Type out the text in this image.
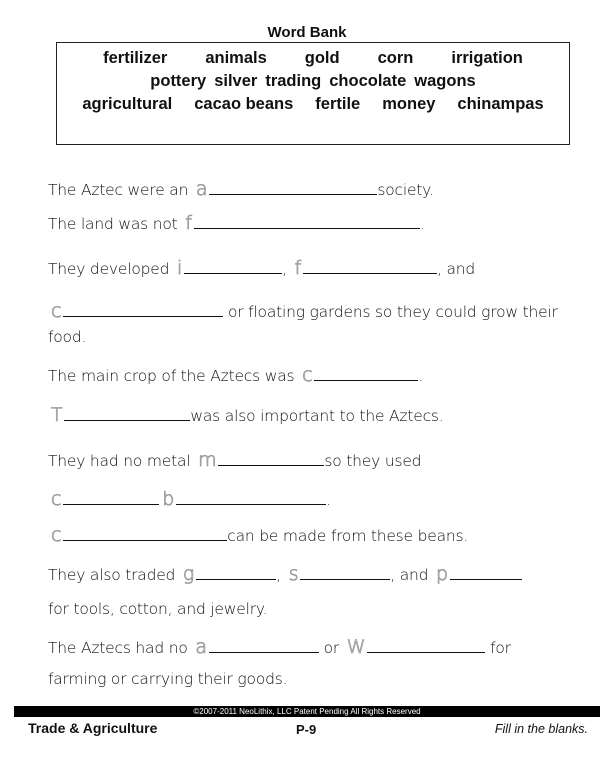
Word Bank
fertilizer animals gold corn irrigation
pottery silver trading chocolate wagons
agricultural cacao beans fertile money chinampas
The Aztec were an a	society.
The land was not f	.
They developed i	, f	, and
c	or floating gardens so they could grow their
food.
The main crop of the Aztecs was c	.
T	was also important to the Aztecs.
They had no metal m	so they used
c	b	.
c	can be made from these beans.
They also traded g	, s	, and p
for tools, cotton, and jewelry.
The Aztecs had no a	or W	for
farming or carrying their goods.
©2007-2011 NeoLithix, LLC Patent Pending All Rights Reserved
Trade & Agriculture	P-9	Fill in the blanks.
